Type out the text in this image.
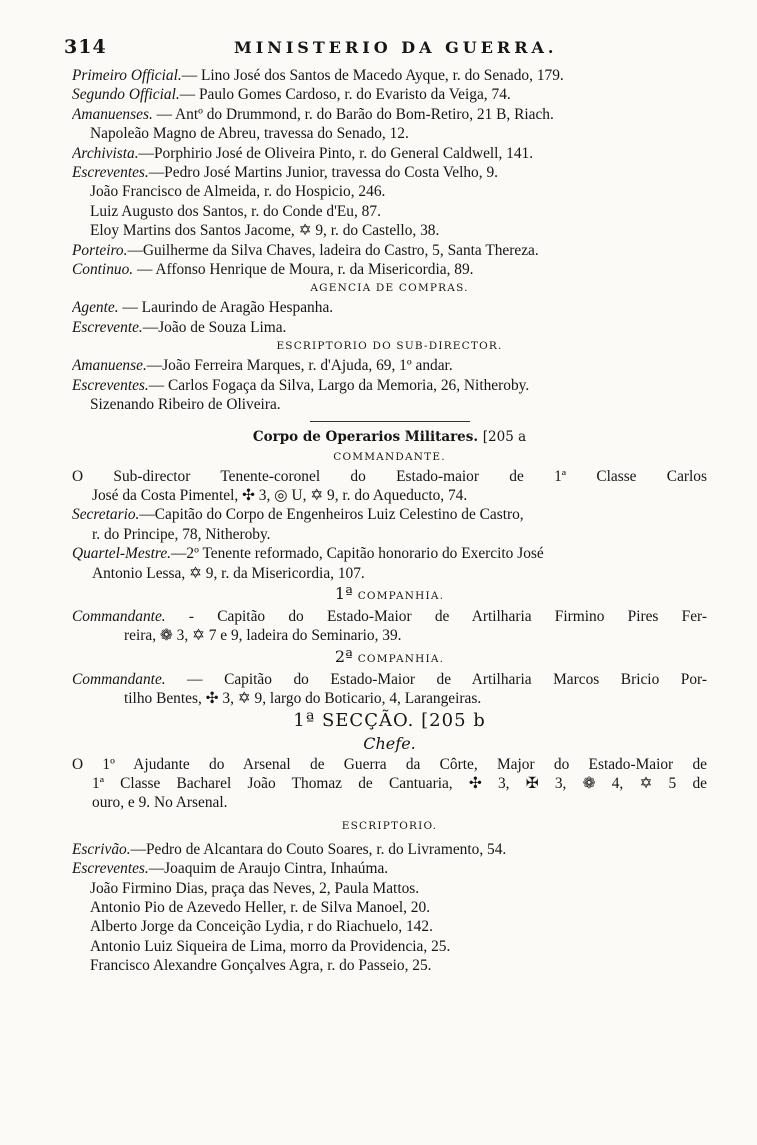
314	MINISTERIO DA GUERRA.
Primeiro Official.— Lino José dos Santos de Macedo Ayque, r. do Senado, 179.
Segundo Official.— Paulo Gomes Cardoso, r. do Evaristo da Veiga, 74.
Amanuenses. — Antº do Drummond, r. do Barão do Bom-Retiro, 21 B, Riach.
Napoleão Magno de Abreu, travessa do Senado, 12.
Archivista.—Porphirio José de Oliveira Pinto, r. do General Caldwell, 141.
Escreventes.—Pedro José Martins Junior, travessa do Costa Velho, 9.
João Francisco de Almeida, r. do Hospicio, 246.
Luiz Augusto dos Santos, r. do Conde d'Eu, 87.
Eloy Martins dos Santos Jacome, ✡ 9, r. do Castello, 38.
Porteiro.—Guilherme da Silva Chaves, ladeira do Castro, 5, Santa Thereza.
Continuo. — Affonso Henrique de Moura, r. da Misericordia, 89.
AGENCIA DE COMPRAS.
Agente. — Laurindo de Aragão Hespanha.
Escrevente.—João de Souza Lima.
ESCRIPTORIO DO SUB-DIRECTOR.
Amanuense.—João Ferreira Marques, r. d'Ajuda, 69, 1º andar.
Escreventes.— Carlos Fogaça da Silva, Largo da Memoria, 26, Nitheroby.
Sizenando Ribeiro de Oliveira.
Corpo de Operarios Militares. [205 a
COMMANDANTE.
O Sub-director Tenente-coronel do Estado-maior de 1ª Classe Carlos
José da Costa Pimentel, ✣ 3, ◎ U, ✡ 9, r. do Aqueducto, 74.
Secretario.—Capitão do Corpo de Engenheiros Luiz Celestino de Castro,
r. do Principe, 78, Nitheroby.
Quartel-Mestre.—2º Tenente reformado, Capitão honorario do Exercito José
Antonio Lessa, ✡ 9, r. da Misericordia, 107.
1ª COMPANHIA.
Commandante. - Capitão do Estado-Maior de Artilharia Firmino Pires Fer-
reira, ❁ 3, ✡ 7 e 9, ladeira do Seminario, 39.
2ª COMPANHIA.
Commandante. — Capitão do Estado-Maior de Artilharia Marcos Bricio Por-
tilho Bentes, ✣ 3, ✡ 9, largo do Boticario, 4, Larangeiras.
1ª SECÇÃO. [205 b
Chefe.
O 1º Ajudante do Arsenal de Guerra da Côrte, Major do Estado-Maior de
1ª Classe Bacharel João Thomaz de Cantuaria, ✣ 3, ✠ 3, ❁ 4, ✡ 5 de
ouro, e 9. No Arsenal.
ESCRIPTORIO.
Escrivão.—Pedro de Alcantara do Couto Soares, r. do Livramento, 54.
Escreventes.—Joaquim de Araujo Cintra, Inhaúma.
João Firmino Dias, praça das Neves, 2, Paula Mattos.
Antonio Pio de Azevedo Heller, r. de Silva Manoel, 20.
Alberto Jorge da Conceição Lydia, r do Riachuelo, 142.
Antonio Luiz Siqueira de Lima, morro da Providencia, 25.
Francisco Alexandre Gonçalves Agra, r. do Passeio, 25.
